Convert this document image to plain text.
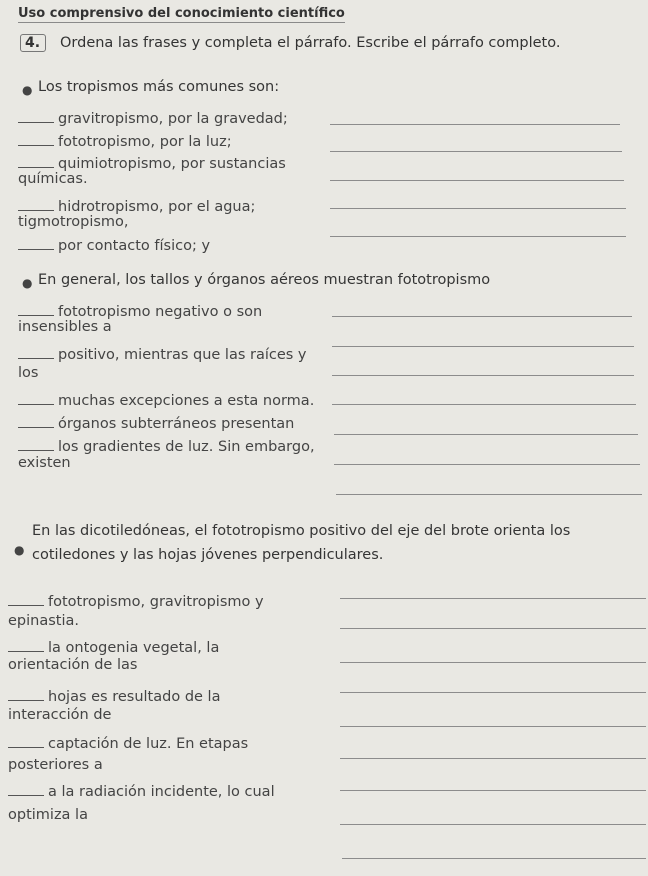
Uso comprensivo del conocimiento científico
4.	Ordena las frases y completa el párrafo. Escribe el párrafo completo.
● Los tropismos más comunes son:
gravitropismo, por la gravedad;
fototropismo, por la luz;
quimiotropismo, por sustancias
químicas.
hidrotropismo, por el agua;
tigmotropismo,
por contacto físico; y
● En general, los tallos y órganos aéreos muestran fototropismo
fototropismo negativo o son
insensibles a
positivo, mientras que las raíces y
los
muchas excepciones a esta norma.
órganos subterráneos presentan
los gradientes de luz. Sin embargo,
existen
●
En las dicotiledóneas, el fototropismo positivo del eje del brote orienta los
cotiledones y las hojas jóvenes perpendiculares.
fototropismo, gravitropismo y
epinastia.
la ontogenia vegetal, la
orientación de las
hojas es resultado de la
interacción de
captación de luz. En etapas
posteriores a
a la radiación incidente, lo cual
optimiza la
